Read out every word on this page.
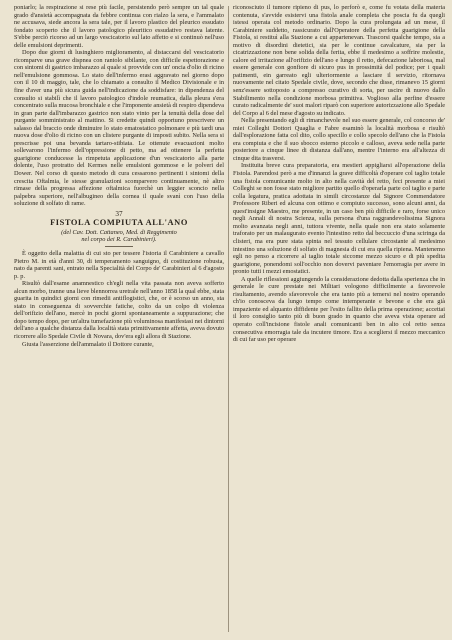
poniarlo; la respirazione si rese più facile, persistendo però sempre un tal quale grado d'ansietà accompagnata da febbre continua con rialzo la sera, e l'ammalato ne accusava, siede ancora la sera tale, per il lavoro plastico del pleurico essudato fondato scoperto che il lavoro patologico pleuritico essudativo restava latente. S'ebbe perciò ricorso ad un largo vescicatorio sul lato affetto e si continuò nell'uso delle emulsioni deprimenti.

Dopo due giorni di lusinghiero miglioramento, al distaccarsi del vescicatorio ricomparve una grave dispnea con rantolo sibilante, con difficile espettorazione e con sintomi di gastrico imbarazzo al quale si provvide con un' oncia d'olio di ricino nell'emulsione gommosa. Lo stato dell'infermo erasi aggravato nel giorno dopo con il 10 di maggio, tale, che lo chiamato a consulto il Medico Divisionale e in fine d'aver una più sicura guida nell'indicazione da soddisfare: in dipendenza del consulto si stabilì che il lavoro patologico d'indole reumatica, dalla pleura s'era concentrato sulla mucosa bronchiale e che l'imponente ansietà di respiro dipendeva in gran parte dall'imbarazzo gastrico non stato vinto per la tenuità della dose del purgante somministrato al mattino. Si credette quindi opportuno prescrivere un salasso dal braccio onde diminuire lo stato ematostatico polmonare e più tardi una nuova dose d'olio di ricino con un clistere purgante di imposti subito. Nella sera si prescrisse poi una bevanda tartaro-stibiata. Le ottenute evacuazioni molto sollevarono l'infermo dell'oppressione di petto, ma ad ottenere la perfetta guarigione conducesse la rimpetuta applicazione d'un vescicatorio alla parte dolente, l'uso protratto del Kermes nelle emulsioni gommose e le polveri del Dower. Nel corso di questo metodo di cura cessarono pertinenti i sintomi della crescita Oftalmia, le stesse granulazioni scomparvero continuamente, nè altro rimase della progressa affezione oftalmica fuorchè un leggier sconcio nella palpebra superiore, nell'albugineo della cornea il quale svanì con l'uso della soluzione di solfato di rame.

37
FISTOLA COMPIUTA ALL'ANO

(del Cav. Dott. Cattaneo, Med. di Reggimento

nel corpo dei R. Carabinieri).

È oggetto della malattia di cui sto per tessere l'istoria il Carabiniere a cavallo Pietro M. in età d'anni 30, di temperamento sanguigno, di costituzione robusta, nato da parenti sani, entrato nella Specialità del Corpo de' Carabinieri al 6 d'agosto p. p.

Risultò dall'esame anamnestico ch'egli nella vita passata non aveva sofferto alcun morbo, tranne una lieve blennorrea uretrale nell'anno 1858 la qual ebbe, stata guarita in quindici giorni con rimedii antiflogistici, che, or è scorso un anno, sta stato in conseguenza di sovverchie fatiche, colto da un colpo di violenza dell'orifizio dell'ano, mercè in pochi giorni spontaneamente a suppurazione; che dopo tempo dopo, per un'altra tumefazione più voluminosa manifestasi nei dintorni dell'ano a qualche distanza dalla località stata primitivamente affetta, aveva dovuto ricorrere allo Spedale Civile di Novara, dov'era egli allora di Stazione.

Giusta l'asserzione dell'ammalato il Dottore curante,

riconosciuto il tumore ripieno di pus, lo perforò e, come fu votata della materia contenuta, s'avvide esistervi una fistola anale completa che poscia fu da quegli istessi operata col metodo ordinario. Dopo la cura prolungata ad un mese, il Carabiniere suddetto, rassicurato dall'Operatore della perfetta guarigione della Fistola, si restituì alla Stazione a cui appartenevan. Trascorsi qualche tempo, sia a motivo di disordini dietetici, sia per le continue cavalcature, sia per la cicatrizzazione non bene solida della ferita, ebbe il medesimo a soffrire molestie, calore ed irritazione all'orifizio dell'ano e lungo il retto, defecazione laboriosa, mal essere generale con gonfiore di sicuro pus in prossimità del podice; per i quali patimenti, ein garreato egli ulteriormente a lasciare il servizio, ritornava nuovamente nel citato Spedale civile, dove, secondo che disse, rimanevo 15 giorni senz'essere sottoposto a compresso curativo di sorta, per uscire di nuovo dallo Stabilimento nella condizione morbosa primitiva. Voglioso alla perfine d'essere curato radicalmente de' suoi malori riparò con superiore autorizzazione allo Spedale del Corpo al 6 del mese d'agosto su indicato.

Nella presentando egli di rimanchevole nel suo essere generale, col concorso de' miei Colleghi Dottori Quaglia e Fabre esaminò la località morbosa e risultò dall'esplorazione fatta col dito, collo specillo e collo specolo dell'ano che la Fistola era compiuta e che il suo sbocco esterno piccolo e calloso, aveva sede nella parte posteriore a cinque linee di distanza dall'ano, mentre l'interno era all'altezza di cinque dita trasversi.

Instituita breve cura preparatoria, era mestieri appigliarsi all'operazione della Fistola. Parendosi però a me d'innanzi la grave difficoltà d'operare col taglio totale una fistola comunicante molto in alto nella cavità del retto, feci presente a miei Colleghi se non fosse stato migliore partito quello d'operarla parte col taglio e parte colla legatura, pratica adottata in simili circostanze dal Signore Commendatore Professore Riberi ed alcuna con ottimo e compiuto successo, sono alcuni anni, da quest'insigne Maestro, me presente, in un caso ben più difficile e raro, forse unico negli Annali di nostra Scienza, sulla persona d'una raggrandevolissima Signora molto avanzata negli anni, tuttora vivente, nella quale non era stato solamente traforato per un malaugurato evento l'intestino retto dal beccuccio d'una sciringa da clisteri, ma era pure stata spinta nel tessuto cellulare circostante al medesimo intestino una soluzione di solfato di magnesia di cui era quella ripiena. Mantenemo egli no penso a ricorrere al taglio totale siccome mezzo sicuro e di più spedita guarigione, ponendomi soll'occhio non dovervi paventare l'emorragia per avere in pronto tutti i mezzi emostatici.

A quelle riflessioni aggiungendo la considerazione dedotta dalla sperienza che in generale le cure prestate nei Militari vologono difficilmente a favorevole risultamento, avendo sfavorevole che era tanto più a temersi nel nostro operando ch'io conosceva da lungo tempo come intemperante e bevone e che era già impaziente ed alquanto diffidente per l'esito fallito della prima operazione; accettai il loro consiglio tanto più di buon grado in quanto che aveva vista operare ad operato coll'incisione fistole anali comunicanti ben in alto col retto senza consecutiva emorragia tale da incutere timore. Era a scegliersi il mezzo meccanico di cui far uso per operare
